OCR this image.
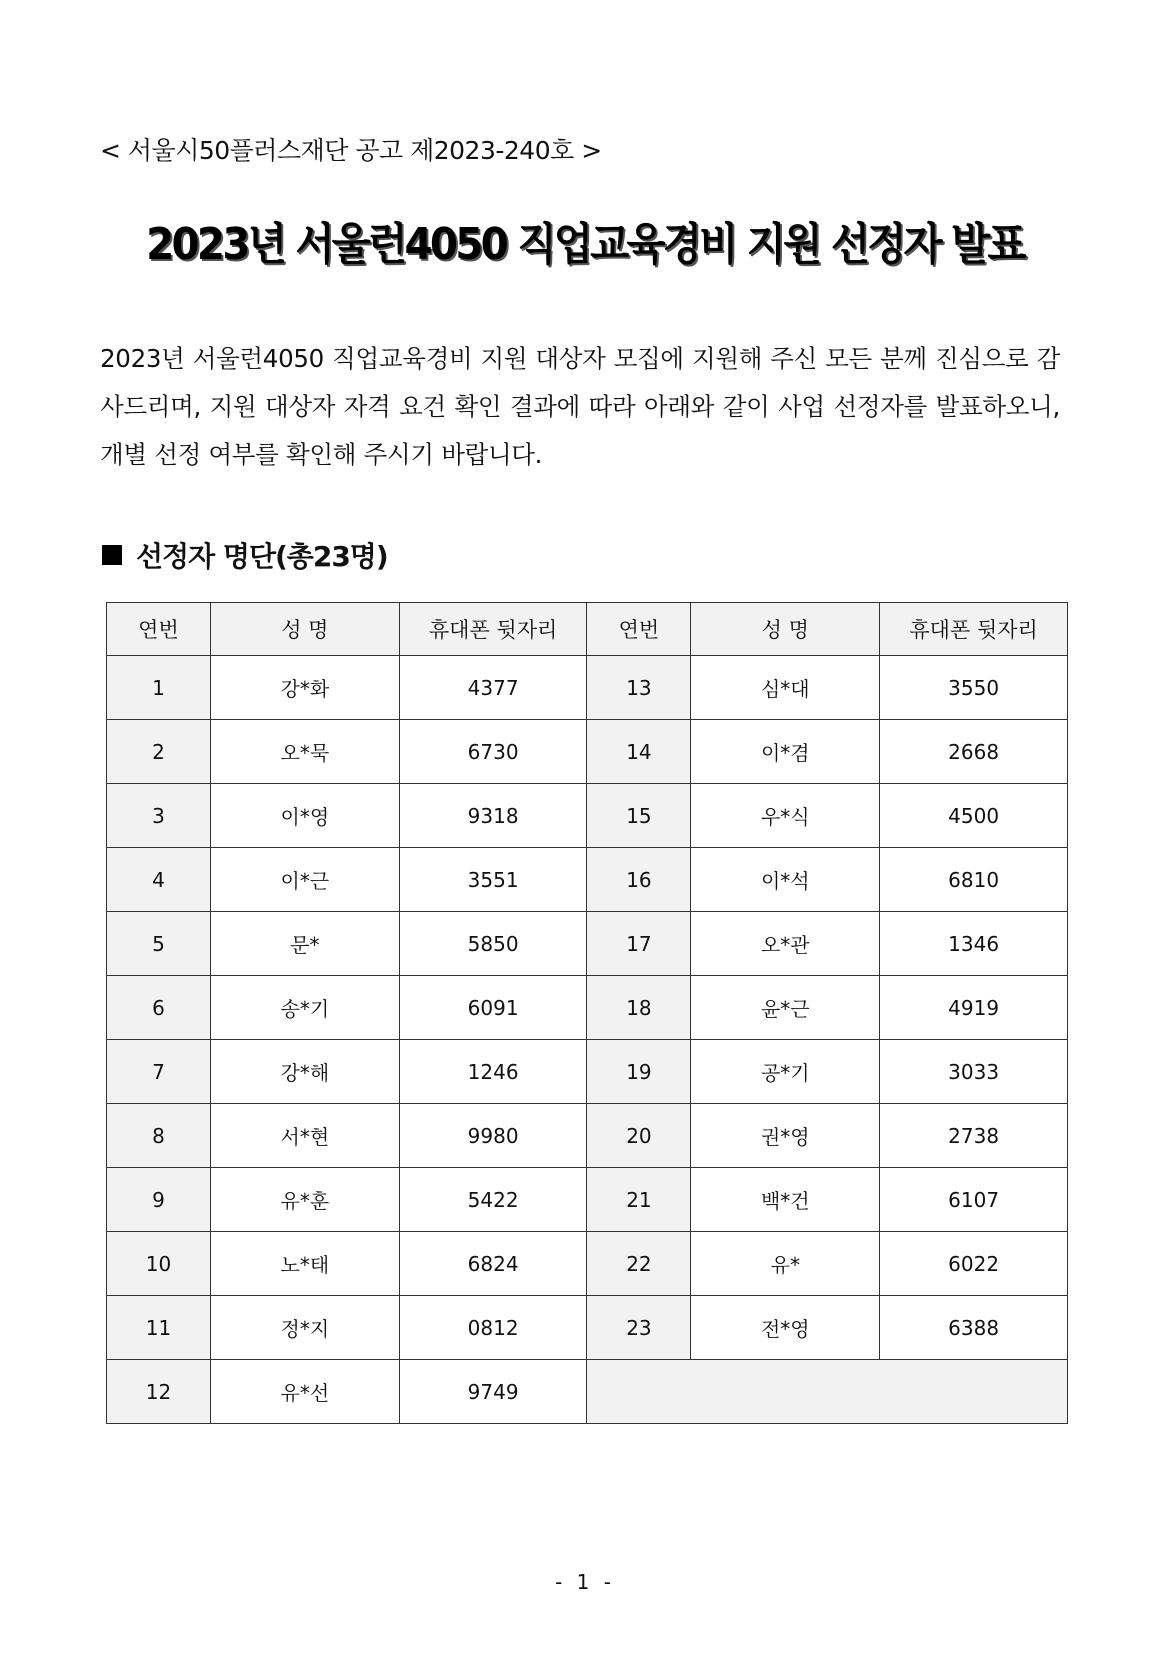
< 서울시50플러스재단 공고 제2023-240호 >
2023년 서울런4050 직업교육경비 지원 선정자 발표

2023년 서울런4050 직업교육경비 지원 대상자 모집에 지원해 주신 모든 분께 진심으로 감사드리며, 지원 대상자 자격 요건 확인 결과에 따라 아래와 같이 사업 선정자를 발표하오니, 개별 선정 여부를 확인해 주시기 바랍니다.

선정자 명단(총23명)
연번	성 명	휴대폰 뒷자리	연번	성 명	휴대폰 뒷자리
1	강*화	4377	13	심*대	3550
2	오*묵	6730	14	이*겸	2668
3	이*영	9318	15	우*식	4500
4	이*근	3551	16	이*석	6810
5	문*	5850	17	오*관	1346
6	송*기	6091	18	윤*근	4919
7	강*해	1246	19	공*기	3033
8	서*현	9980	20	권*영	2738
9	유*훈	5422	21	백*건	6107
10	노*태	6824	22	유*	6022
11	정*지	0812	23	전*영	6388
12	유*선	9749			
- 1 -
